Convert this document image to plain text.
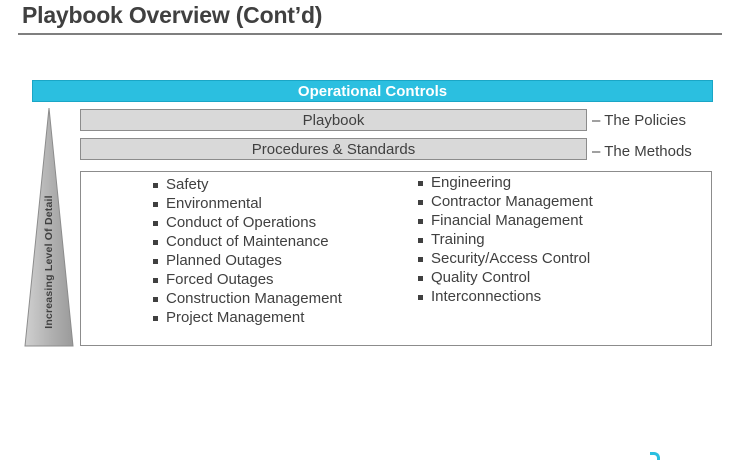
Playbook Overview (Cont’d)
Operational Controls
Playbook	– The Policies
Procedures & Standards	– The Methods
Increasing Level Of Detail
Safety
Environmental
Conduct of Operations
Conduct of Maintenance
Planned Outages
Forced Outages
Construction Management
Project Management
Engineering
Contractor Management
Financial Management
Training
Security/Access Control
Quality Control
Interconnections
